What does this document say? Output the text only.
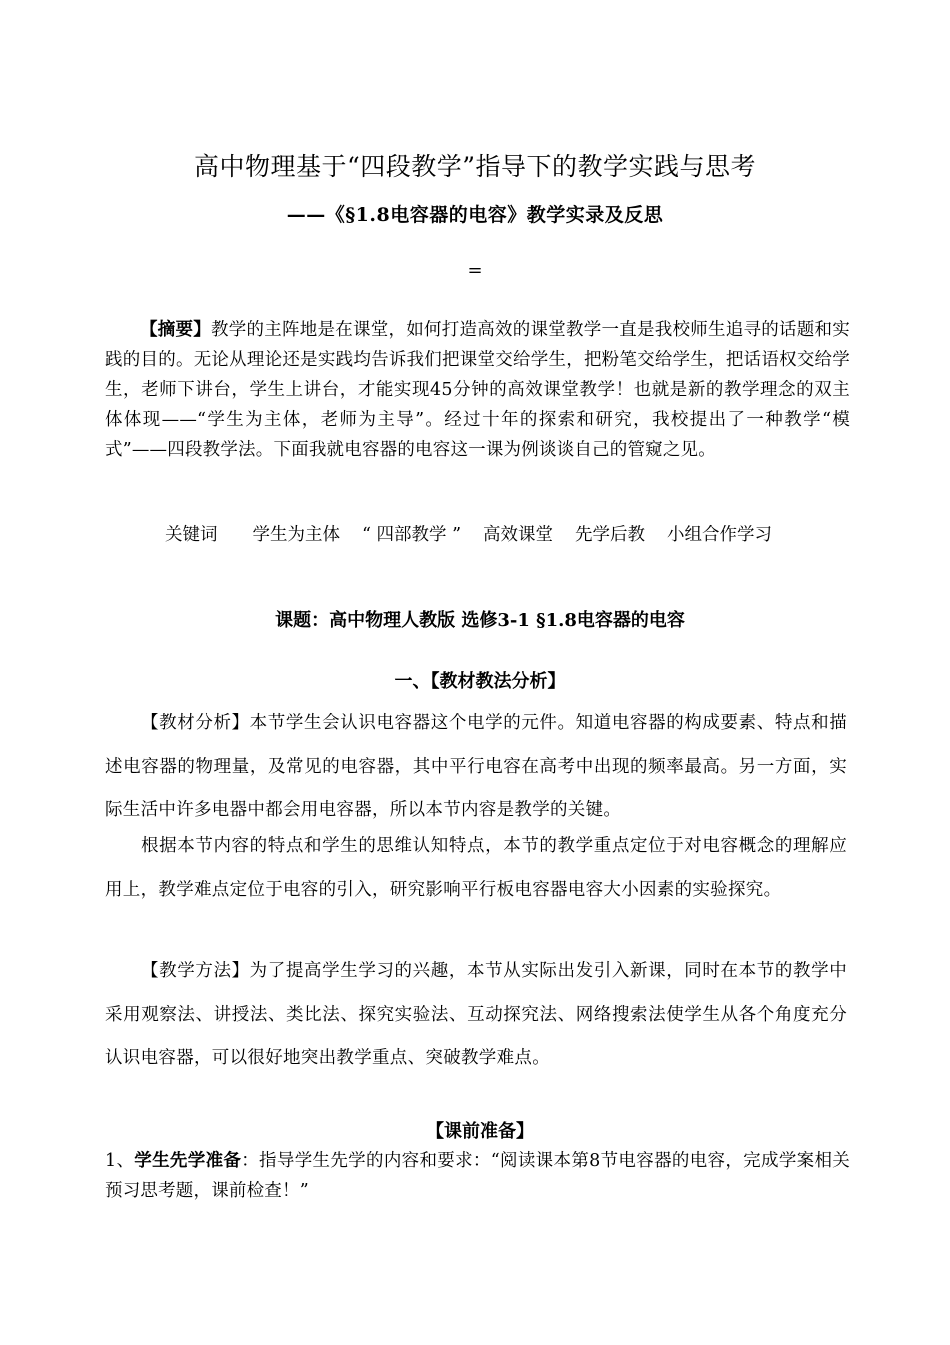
高中物理基于“四段教学”指导下的教学实践与思考
——《§1.8电容器的电容》教学实录及反思
=
【摘要】教学的主阵地是在课堂，如何打造高效的课堂教学一直是我校师生追寻的话题和实践的目的。无论从理论还是实践均告诉我们把课堂交给学生，把粉笔交给学生，把话语权交给学生，老师下讲台，学生上讲台，才能实现45分钟的高效课堂教学！也就是新的教学理念的双主体体现——“学生为主体，老师为主导”。经过十年的探索和研究，我校提出了一种教学“模式”——四段教学法。下面我就电容器的电容这一课为例谈谈自己的管窥之见。
关键词 学生为主体 “ 四部教学 ” 高效课堂 先学后教 小组合作学习
课题：高中物理人教版 选修3-1 §1.8电容器的电容
一、【教材教法分析】
【教材分析】本节学生会认识电容器这个电学的元件。知道电容器的构成要素、特点和描述电容器的物理量，及常见的电容器，其中平行电容在高考中出现的频率最高。另一方面，实际生活中许多电器中都会用电容器，所以本节内容是教学的关键。
根据本节内容的特点和学生的思维认知特点，本节的教学重点定位于对电容概念的理解应用上，教学难点定位于电容的引入，研究影响平行板电容器电容大小因素的实验探究。
【教学方法】为了提高学生学习的兴趣，本节从实际出发引入新课，同时在本节的教学中采用观察法、讲授法、类比法、探究实验法、互动探究法、网络搜索法使学生从各个角度充分认识电容器，可以很好地突出教学重点、突破教学难点。
【课前准备】
1、学生先学准备：指导学生先学的内容和要求：“阅读课本第8节电容器的电容，完成学案相关预习思考题，课前检查！”
